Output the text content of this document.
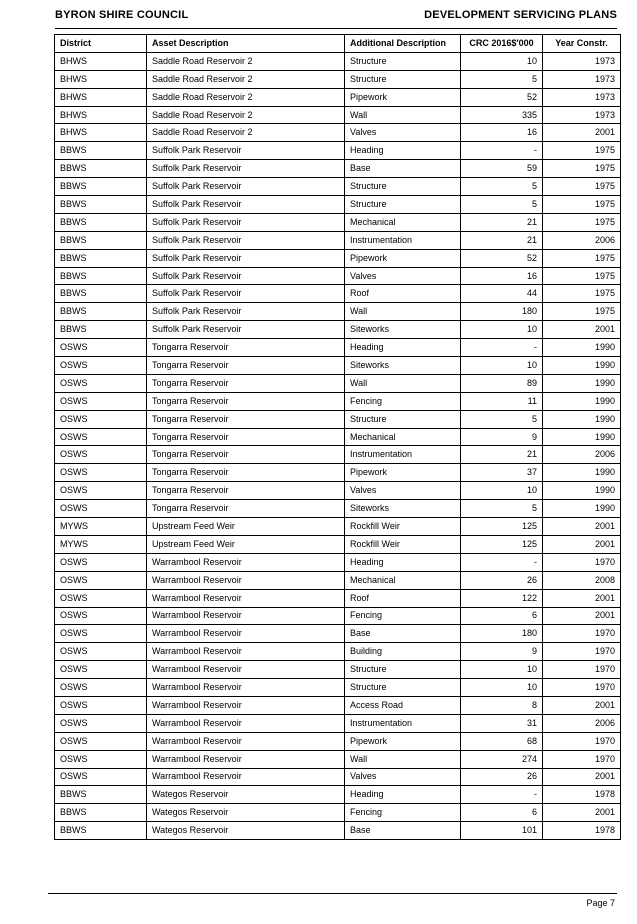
BYRON SHIRE COUNCIL	DEVELOPMENT SERVICING PLANS
District	Asset Description	Additional Description	CRC 2016$'000	Year Constr.
BHWS	Saddle Road Reservoir 2	Structure	10	1973
BHWS	Saddle Road Reservoir 2	Structure	5	1973
BHWS	Saddle Road Reservoir 2	Pipework	52	1973
BHWS	Saddle Road Reservoir 2	Wall	335	1973
BHWS	Saddle Road Reservoir 2	Valves	16	2001
BBWS	Suffolk Park Reservoir	Heading	-	1975
BBWS	Suffolk Park Reservoir	Base	59	1975
BBWS	Suffolk Park Reservoir	Structure	5	1975
BBWS	Suffolk Park Reservoir	Structure	5	1975
BBWS	Suffolk Park Reservoir	Mechanical	21	1975
BBWS	Suffolk Park Reservoir	Instrumentation	21	2006
BBWS	Suffolk Park Reservoir	Pipework	52	1975
BBWS	Suffolk Park Reservoir	Valves	16	1975
BBWS	Suffolk Park Reservoir	Roof	44	1975
BBWS	Suffolk Park Reservoir	Wall	180	1975
BBWS	Suffolk Park Reservoir	Siteworks	10	2001
OSWS	Tongarra Reservoir	Heading	-	1990
OSWS	Tongarra Reservoir	Siteworks	10	1990
OSWS	Tongarra Reservoir	Wall	89	1990
OSWS	Tongarra Reservoir	Fencing	11	1990
OSWS	Tongarra Reservoir	Structure	5	1990
OSWS	Tongarra Reservoir	Mechanical	9	1990
OSWS	Tongarra Reservoir	Instrumentation	21	2006
OSWS	Tongarra Reservoir	Pipework	37	1990
OSWS	Tongarra Reservoir	Valves	10	1990
OSWS	Tongarra Reservoir	Siteworks	5	1990
MYWS	Upstream Feed Weir	Rockfill Weir	125	2001
MYWS	Upstream Feed Weir	Rockfill Weir	125	2001
OSWS	Warrambool Reservoir	Heading	-	1970
OSWS	Warrambool Reservoir	Mechanical	26	2008
OSWS	Warrambool Reservoir	Roof	122	2001
OSWS	Warrambool Reservoir	Fencing	6	2001
OSWS	Warrambool Reservoir	Base	180	1970
OSWS	Warrambool Reservoir	Building	9	1970
OSWS	Warrambool Reservoir	Structure	10	1970
OSWS	Warrambool Reservoir	Structure	10	1970
OSWS	Warrambool Reservoir	Access Road	8	2001
OSWS	Warrambool Reservoir	Instrumentation	31	2006
OSWS	Warrambool Reservoir	Pipework	68	1970
OSWS	Warrambool Reservoir	Wall	274	1970
OSWS	Warrambool Reservoir	Valves	26	2001
BBWS	Wategos Reservoir	Heading	-	1978
BBWS	Wategos Reservoir	Fencing	6	2001
BBWS	Wategos Reservoir	Base	101	1978
Page 7
